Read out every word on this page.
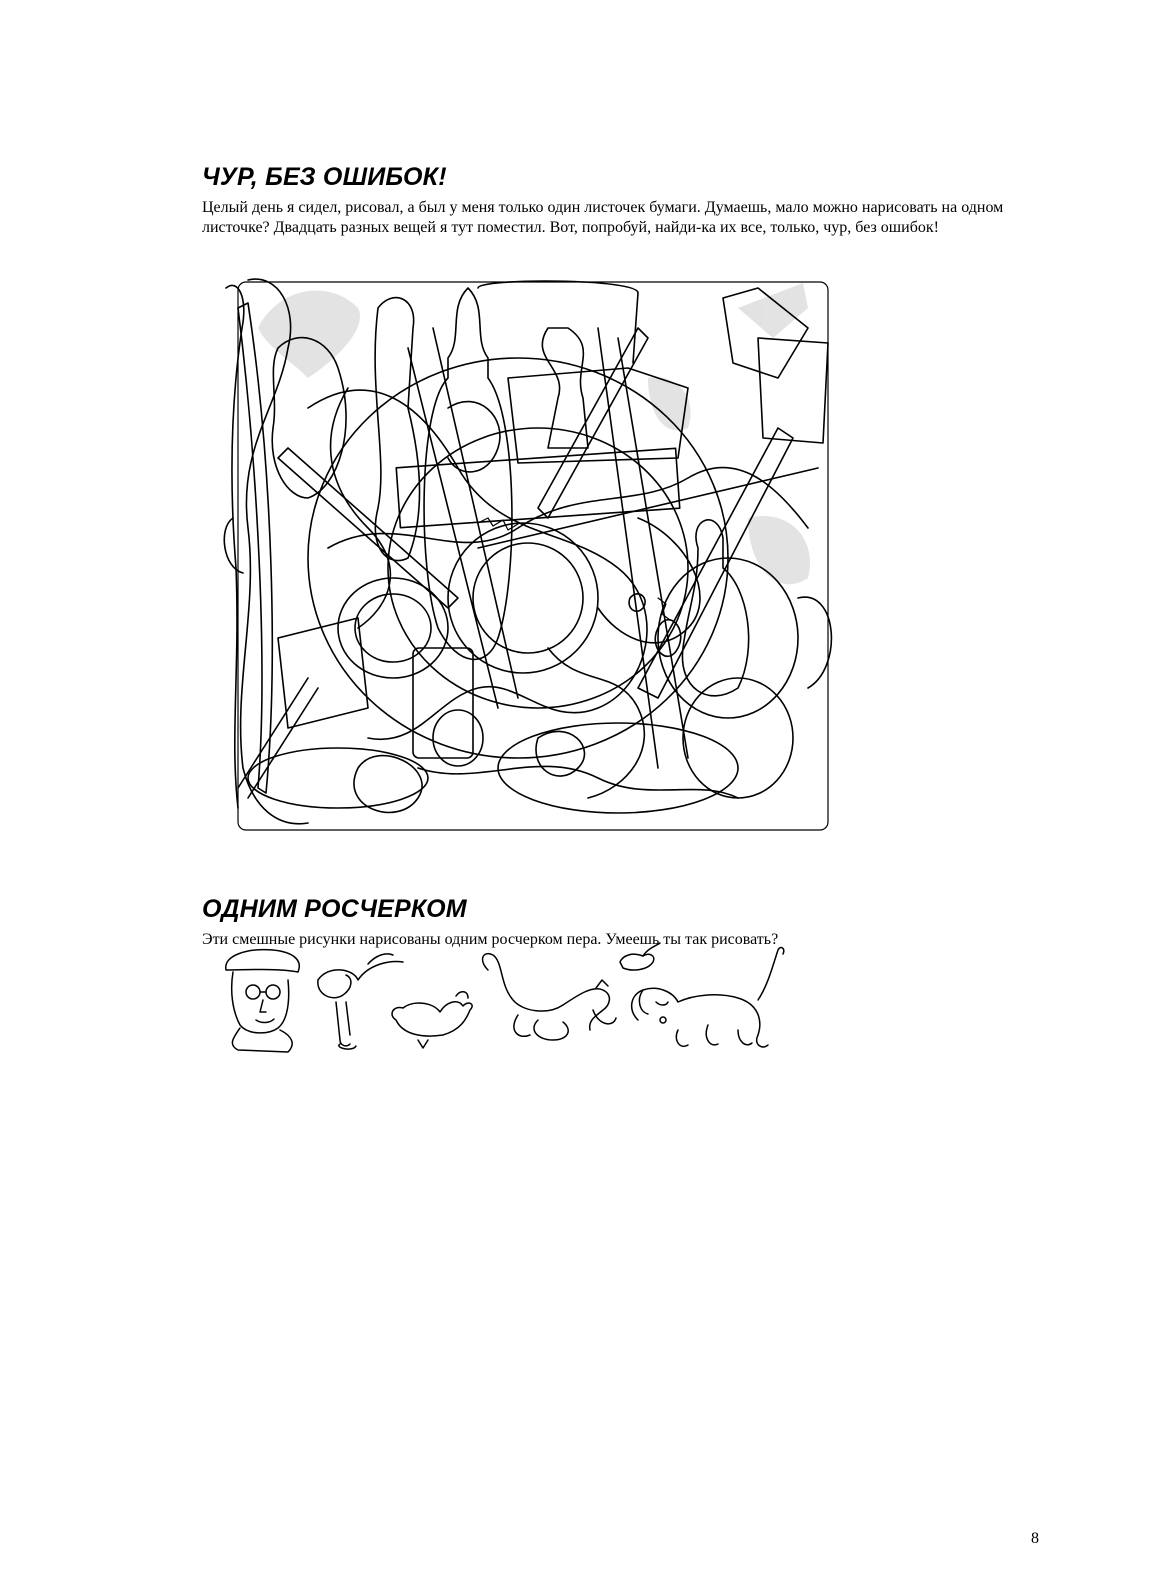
ЧУР, БЕЗ ОШИБОК!

Целый день я сидел, рисовал, а был у меня только один листочек бумаги. Думаешь, мало можно нарисовать на одном листочке? Двадцать разных вещей я тут поместил. Вот, попробуй, найди-ка их все, только, чур, без ошибок!

ОДНИМ РОСЧЕРКОМ

Эти смешные рисунки нарисованы одним росчерком пера. Умеешь ты так рисовать?

8
